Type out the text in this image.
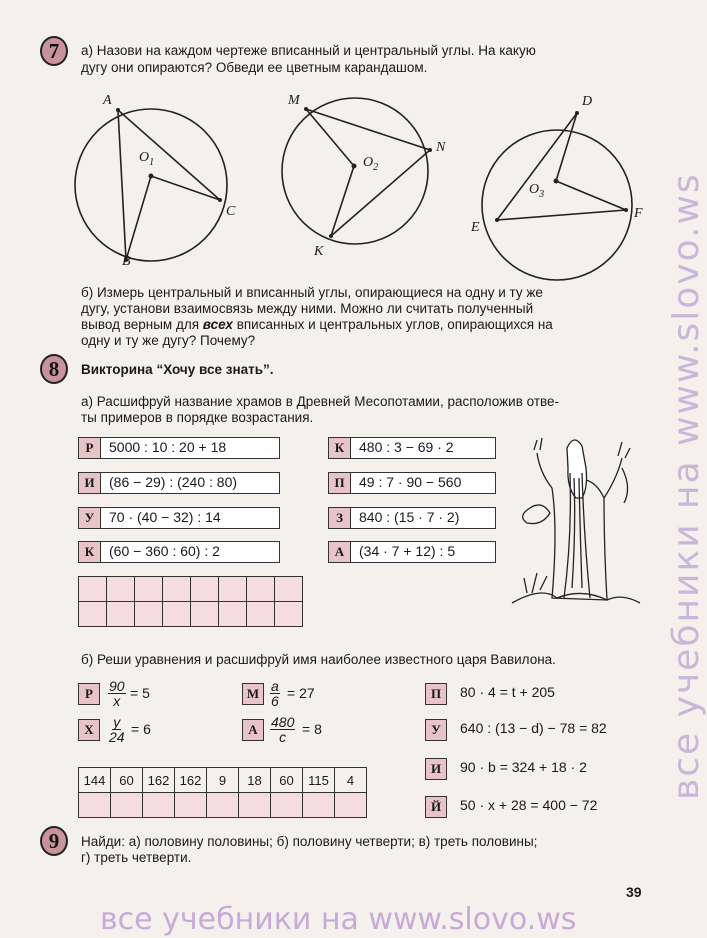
7	а) Назови на каждом чертеже вписанный и центральный углы. На какую
дугу они опираются? Обведи ее цветным карандашом.
A
$O_1$
C
B
M
$O_2$
N
K
D
$O_3$
E
F
б) Измерь центральный и вписанный углы, опирающиеся на одну и ту же
дугу, установи взаимосвязь между ними. Можно ли считать полученный
вывод верным для всех вписанных и центральных углов, опирающихся на
одну и ту же дугу? Почему?
8	Викторина “Хочу все знать”.
а) Расшифруй название храмов в Древней Месопотамии, расположив отве-
ты примеров в порядке возрастания.
Р	5000 : 10 : 20 + 18
И	(86 − 29) : (240 : 80)
У	70 · (40 − 32) : 14
К	(60 − 360 : 60) : 2
К	480 : 3 − 69 · 2
П	49 : 7 · 90 − 560
З	840 : (15 · 7 · 2)
А	(34 · 7 + 12) : 5

б) Реши уравнения и расшифруй имя наиболее известного царя Вавилона.
Р	$\frac{90}{x} = 5$
Х	$\frac{y}{24} = 6$
М $\frac{a}{6} = 27$
А $\frac{480}{c} = 8$
П	80 · 4 = t + 205
У	640 : (13 − d) − 78 = 82
И	90 · b = 324 + 18 · 2
Й	50 · x + 28 = 400 − 72
144	60	162	162	9	18	60	115	4

9	Найди: а) половину половины; б) половину четверти; в) треть половины;
г) треть четверти.
39
все учебники на www.slovo.ws
все учебники на www.slovo.ws
